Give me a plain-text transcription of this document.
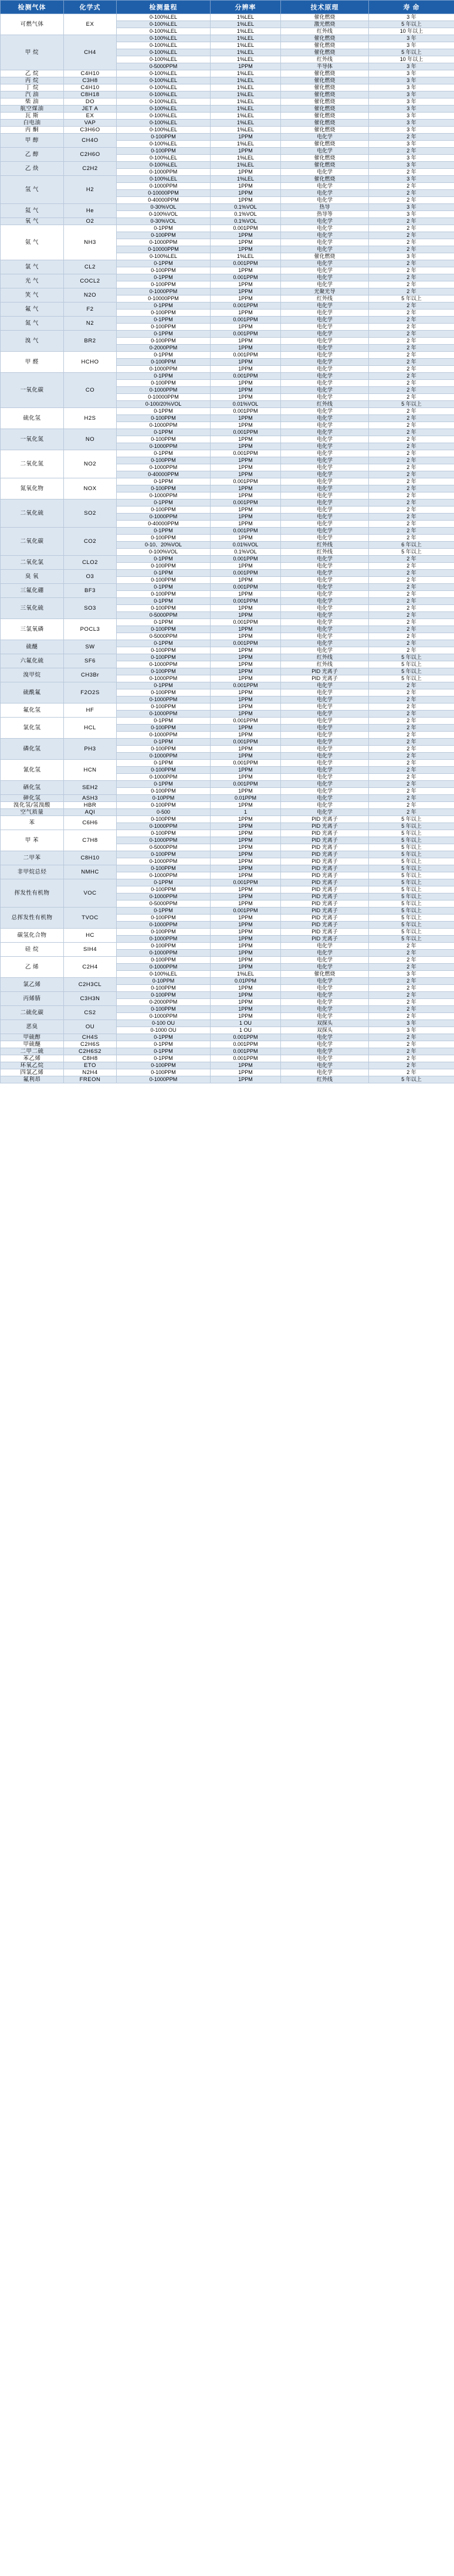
检测气体	化学式	检测量程	分辨率	技术原理	寿 命
可燃气体	EX	0-100%LEL	1%LEL	催化燃烧	3 年
		0-100%LEL	1%LEL	激光燃烧	5 年以上
		0-100%LEL	1%LEL	红外线	10 年以上
甲 烷	CH4	0-100%LEL	1%LEL	催化燃烧	3 年
		0-100%LEL	1%LEL	催化燃烧	3 年
		0-100%LEL	1%LEL	催化燃烧	5 年以上
		0-100%LEL	1%LEL	红外线	10 年以上
		0-5000PPM	1PPM	半导体	3 年
乙 烷	C4H10	0-100%LEL	1%LEL	催化燃烧	3 年
丙 烷	C3H8	0-100%LEL	1%LEL	催化燃烧	3 年
丁 烷	C4H10	0-100%LEL	1%LEL	催化燃烧	3 年
汽 油	C8H18	0-100%LEL	1%LEL	催化燃烧	3 年
柴 油	DO	0-100%LEL	1%LEL	催化燃烧	3 年
航空煤油	JET A	0-100%LEL	1%LEL	催化燃烧	3 年
瓦 斯	EX	0-100%LEL	1%LEL	催化燃烧	3 年
白电油	VAP	0-100%LEL	1%LEL	催化燃烧	3 年
丙 酮	C3H6O	0-100%LEL	1%LEL	催化燃烧	3 年
甲 醇	CH4O	0-100PPM	1PPM	电化学	2 年
		0-100%LEL	1%LEL	催化燃烧	3 年
乙 醇	C2H6O	0-100PPM	1PPM	电化学	2 年
		0-100%LEL	1%LEL	催化燃烧	3 年
乙 炔	C2H2	0-100%LEL	1%LEL	催化燃烧	3 年
		0-1000PPM	1PPM	电化学	2 年
氢 气	H2	0-100%LEL	1%LEL	催化燃烧	3 年
		0-1000PPM	1PPM	电化学	2 年
		0-10000PPM	1PPM	电化学	2 年
		0-40000PPM	1PPM	电化学	2 年
氦 气	He	0-30%VOL	0.1%VOL	热导	3 年
		0-100%VOL	0.1%VOL	热导等	3 年
氧 气	O2	0-30%VOL	0.1%VOL	电化学	2 年
氨 气	NH3	0-1PPM	0.001PPM	电化学	2 年
		0-100PPM	1PPM	电化学	2 年
		0-1000PPM	1PPM	电化学	2 年
		0-10000PPM	1PPM	电化学	2 年
		0-100%LEL	1%LEL	催化燃烧	3 年
氯 气	CL2	0-1PPM	0.001PPM	电化学	2 年
		0-100PPM	1PPM	电化学	2 年
光 气	COCL2	0-1PPM	0.001PPM	电化学	2 年
		0-100PPM	1PPM	电化学	2 年
笑 气	N2O	0-1000PPM	1PPM	光聚光导	2 年
		0-10000PPM	1PPM	红外线	5 年以上
氟 气	F2	0-1PPM	0.001PPM	电化学	2 年
		0-100PPM	1PPM	电化学	2 年
氮 气	N2	0-1PPM	0.001PPM	电化学	2 年
		0-100PPM	1PPM	电化学	2 年
溴 气	BR2	0-1PPM	0.001PPM	电化学	2 年
		0-100PPM	1PPM	电化学	2 年
		0-2000PPM	1PPM	电化学	2 年
甲 醛	HCHO	0-1PPM	0.001PPM	电化学	2 年
		0-100PPM	1PPM	电化学	2 年
		0-1000PPM	1PPM	电化学	2 年
一氧化碳	CO	0-1PPM	0.001PPM	电化学	2 年
		0-100PPM	1PPM	电化学	2 年
		0-1000PPM	1PPM	电化学	2 年
		0-10000PPM	1PPM	电化学	2 年
		0-100/20%VOL	0.01%VOL	红外线	5 年以上
硫化氢	H2S	0-1PPM	0.001PPM	电化学	2 年
		0-100PPM	1PPM	电化学	2 年
		0-1000PPM	1PPM	电化学	2 年
一氧化氮	NO	0-1PPM	0.001PPM	电化学	2 年
		0-100PPM	1PPM	电化学	2 年
		0-1000PPM	1PPM	电化学	2 年
二氧化氮	NO2	0-1PPM	0.001PPM	电化学	2 年
		0-100PPM	1PPM	电化学	2 年
		0-1000PPM	1PPM	电化学	2 年
		0-40000PPM	1PPM	电化学	2 年
氮氧化物	NOX	0-1PPM	0.001PPM	电化学	2 年
		0-100PPM	1PPM	电化学	2 年
		0-1000PPM	1PPM	电化学	2 年
二氧化硫	SO2	0-1PPM	0.001PPM	电化学	2 年
		0-100PPM	1PPM	电化学	2 年
		0-1000PPM	1PPM	电化学	2 年
		0-40000PPM	1PPM	电化学	2 年
二氧化碳	CO2	0-1PPM	0.001PPM	电化学	2 年
		0-100PPM	1PPM	电化学	2 年
		0-10、20%VOL	0.01%VOL	红外线	6 年以上
		0-100%VOL	0.1%VOL	红外线	5 年以上
二氧化氯	CLO2	0-1PPM	0.001PPM	电化学	2 年
		0-100PPM	1PPM	电化学	2 年
臭 氧	O3	0-1PPM	0.001PPM	电化学	2 年
		0-100PPM	1PPM	电化学	2 年
三氟化硼	BF3	0-1PPM	0.001PPM	电化学	2 年
		0-100PPM	1PPM	电化学	2 年
三氧化硫	SO3	0-1PPM	0.001PPM	电化学	2 年
		0-100PPM	1PPM	电化学	2 年
		0-5000PPM	1PPM	电化学	2 年
三氯氧磷	POCL3	0-1PPM	0.001PPM	电化学	2 年
		0-100PPM	1PPM	电化学	2 年
		0-5000PPM	1PPM	电化学	2 年
硫醚	SW	0-1PPM	0.001PPM	电化学	2 年
		0-100PPM	1PPM	电化学	2 年
六氟化硫	SF6	0-100PPM	1PPM	红外线	5 年以上
		0-1000PPM	1PPM	红外线	5 年以上
溴甲烷	CH3Br	0-100PPM	1PPM	PID 光离子	5 年以上
		0-1000PPM	1PPM	PID 光离子	5 年以上
硫酰氟	F2O2S	0-1PPM	0.001PPM	电化学	2 年
		0-100PPM	1PPM	电化学	2 年
		0-1000PPM	1PPM	电化学	2 年
氟化氢	HF	0-100PPM	1PPM	电化学	2 年
		0-1000PPM	1PPM	电化学	2 年
氯化氢	HCL	0-1PPM	0.001PPM	电化学	2 年
		0-100PPM	1PPM	电化学	2 年
		0-1000PPM	1PPM	电化学	2 年
磷化氢	PH3	0-1PPM	0.001PPM	电化学	2 年
		0-100PPM	1PPM	电化学	2 年
		0-1000PPM	1PPM	电化学	2 年
氰化氢	HCN	0-1PPM	0.001PPM	电化学	2 年
		0-100PPM	1PPM	电化学	2 年
		0-1000PPM	1PPM	电化学	2 年
硒化氢	SEH2	0-1PPM	0.001PPM	电化学	2 年
		0-100PPM	1PPM	电化学	2 年
砷化氢	ASH3	0-10PPM	0.01PPM	电化学	2 年
溴化氢/氢溴酸	HBR	0-100PPM	1PPM	电化学	2 年
空气质量	AQI	0-500	1	电化学	2 年
苯	C6H6	0-100PPM	1PPM	PID 光离子	5 年以上
		0-1000PPM	1PPM	PID 光离子	5 年以上
甲 苯	C7H8	0-100PPM	1PPM	PID 光离子	5 年以上
		0-1000PPM	1PPM	PID 光离子	5 年以上
		0-5000PPM	1PPM	PID 光离子	5 年以上
二甲苯	C8H10	0-100PPM	1PPM	PID 光离子	5 年以上
		0-1000PPM	1PPM	PID 光离子	5 年以上
非甲烷总烃	NMHC	0-100PPM	1PPM	PID 光离子	5 年以上
		0-1000PPM	1PPM	PID 光离子	5 年以上
挥发性有机物	VOC	0-1PPM	0.001PPM	PID 光离子	5 年以上
		0-100PPM	1PPM	PID 光离子	5 年以上
		0-1000PPM	1PPM	PID 光离子	5 年以上
		0-5000PPM	1PPM	PID 光离子	5 年以上
总挥发性有机物	TVOC	0-1PPM	0.001PPM	PID 光离子	5 年以上
		0-100PPM	1PPM	PID 光离子	5 年以上
		0-1000PPM	1PPM	PID 光离子	5 年以上
碳氢化合物	HC	0-100PPM	1PPM	PID 光离子	5 年以上
		0-1000PPM	1PPM	PID 光离子	5 年以上
硅 烷	SIH4	0-100PPM	1PPM	电化学	2 年
		0-1000PPM	1PPM	电化学	2 年
乙 烯	C2H4	0-100PPM	1PPM	电化学	2 年
		0-1000PPM	1PPM	电化学	2 年
		0-100%LEL	1%LEL	催化燃烧	3 年
氯乙烯	C2H3CL	0-10PPM	0.01PPM	电化学	2 年
		0-100PPM	1PPM	电化学	2 年
丙烯腈	C3H3N	0-100PPM	1PPM	电化学	2 年
		0-2000PPM	1PPM	电化学	2 年
二硫化碳	CS2	0-100PPM	1PPM	电化学	2 年
		0-1000PPM	1PPM	电化学	2 年
恶臭	OU	0-100 OU	1 OU	双探头	3 年
		0-1000 OU	1 OU	双探头	3 年
甲硫醇	CH4S	0-1PPM	0.001PPM	电化学	2 年
甲硫醚	C2H6S	0-1PPM	0.001PPM	电化学	2 年
二甲二硫	C2H6S2	0-1PPM	0.001PPM	电化学	2 年
苯乙烯	C8H8	0-1PPM	0.001PPM	电化学	2 年
环氧乙烷	ETO	0-100PPM	1PPM	电化学	2 年
四氯乙烯	N2H4	0-100PPM	1PPM	电化学	2 年
氟利昂	FREON	0-1000PPM	1PPM	红外线	5 年以上
